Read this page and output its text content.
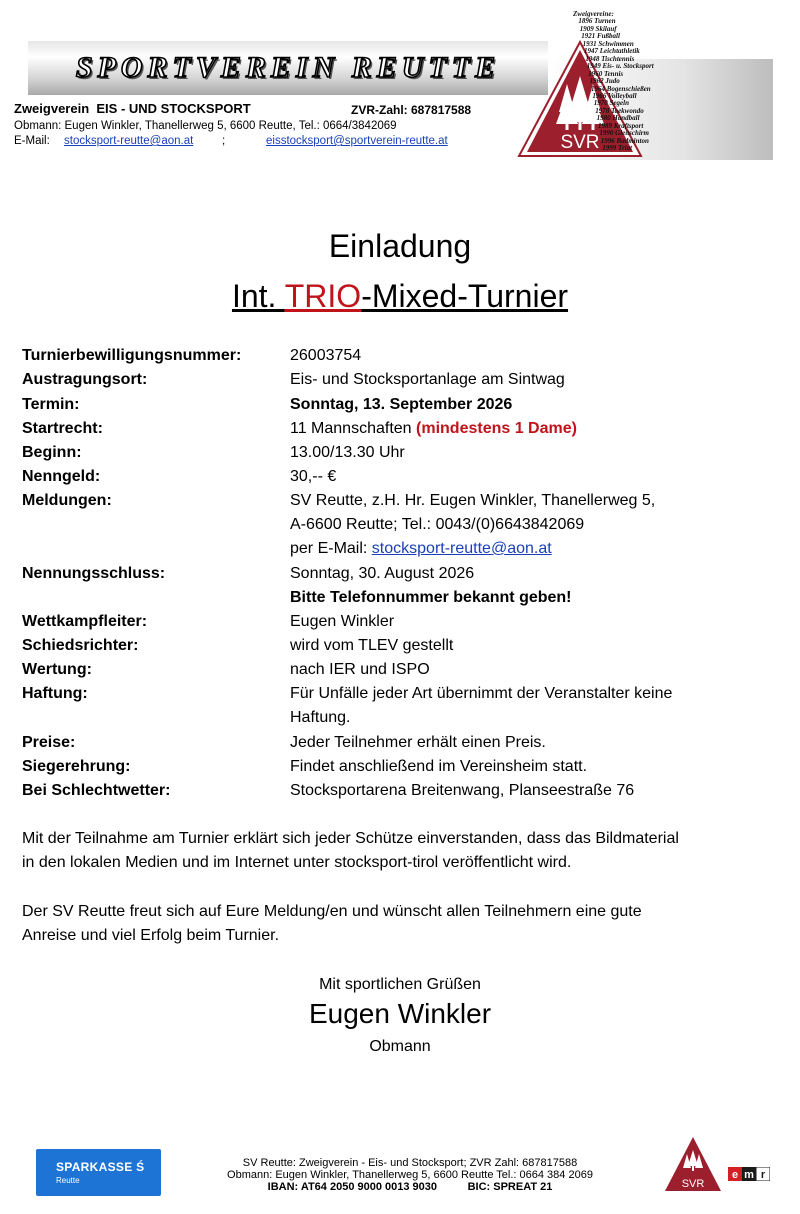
SPORTVEREIN REUTTE
SVR
Zweigvereine:
1896 Turnen
1909 Skilauf
1921 Fußball
1931 Schwimmen
1947 Leichtathletik
1948 Tischtennis
1949 Eis- u. Stocksport
1960 Tennis
1962 Judo
1964 Bogenschießen
1966 Volleyball
1970 Segeln
1978 Taekwondo
1980 Handball
1989 Kraftsport
1990 Gleitschirm
1996 Badminton
1999 Triat
Zweigverein EIS - UND STOCKSPORT	ZVR-Zahl: 687817588
Obmann: Eugen Winkler, Thanellerweg 5, 6600 Reutte, Tel.: 0664/3842069
E-Mail: stocksport-reutte@aon.at ;	eisstocksport@sportverein-reutte.at
Einladung
Int. TRIO-Mixed-Turnier
Turnierbewilligungsnummer:	26003754
Austragungsort:	Eis- und Stocksportanlage am Sintwag
Termin:	Sonntag, 13. September 2026
Startrecht:	11 Mannschaften (mindestens 1 Dame)
Beginn:	13.00/13.30 Uhr
Nenngeld:	30,-- €
Meldungen:	SV Reutte, z.H. Hr. Eugen Winkler, Thanellerweg 5,
A-6600 Reutte; Tel.: 0043/(0)6643842069
per E-Mail: stocksport-reutte@aon.at
Nennungsschluss:	Sonntag, 30. August 2026
Bitte Telefonnummer bekannt geben!
Wettkampfleiter:	Eugen Winkler
Schiedsrichter:	wird vom TLEV gestellt
Wertung:	nach IER und ISPO
Haftung:	Für Unfälle jeder Art übernimmt der Veranstalter keine
Haftung.
Preise:	Jeder Teilnehmer erhält einen Preis.
Siegerehrung:	Findet anschließend im Vereinsheim statt.
Bei Schlechtwetter:	Stocksportarena Breitenwang, Planseestraße 76
Mit der Teilnahme am Turnier erklärt sich jeder Schütze einverstanden, dass das Bildmaterial
in den lokalen Medien und im Internet unter stocksport-tirol veröffentlicht wird.
Der SV Reutte freut sich auf Eure Meldung/en und wünscht allen Teilnehmern eine gute
Anreise und viel Erfolg beim Turnier.
Mit sportlichen Grüßen
Eugen Winkler
Obmann
SPARKASSE Ś
Reutte
SV Reutte: Zweigverein - Eis- und Stocksport; ZVR Zahl: 687817588
Obmann: Eugen Winkler, Thanellerweg 5, 6600 Reutte Tel.: 0664 384 2069
IBAN: AT64 2050 9000 0013 9030	BIC: SPREAT 21	SVR
e m r
